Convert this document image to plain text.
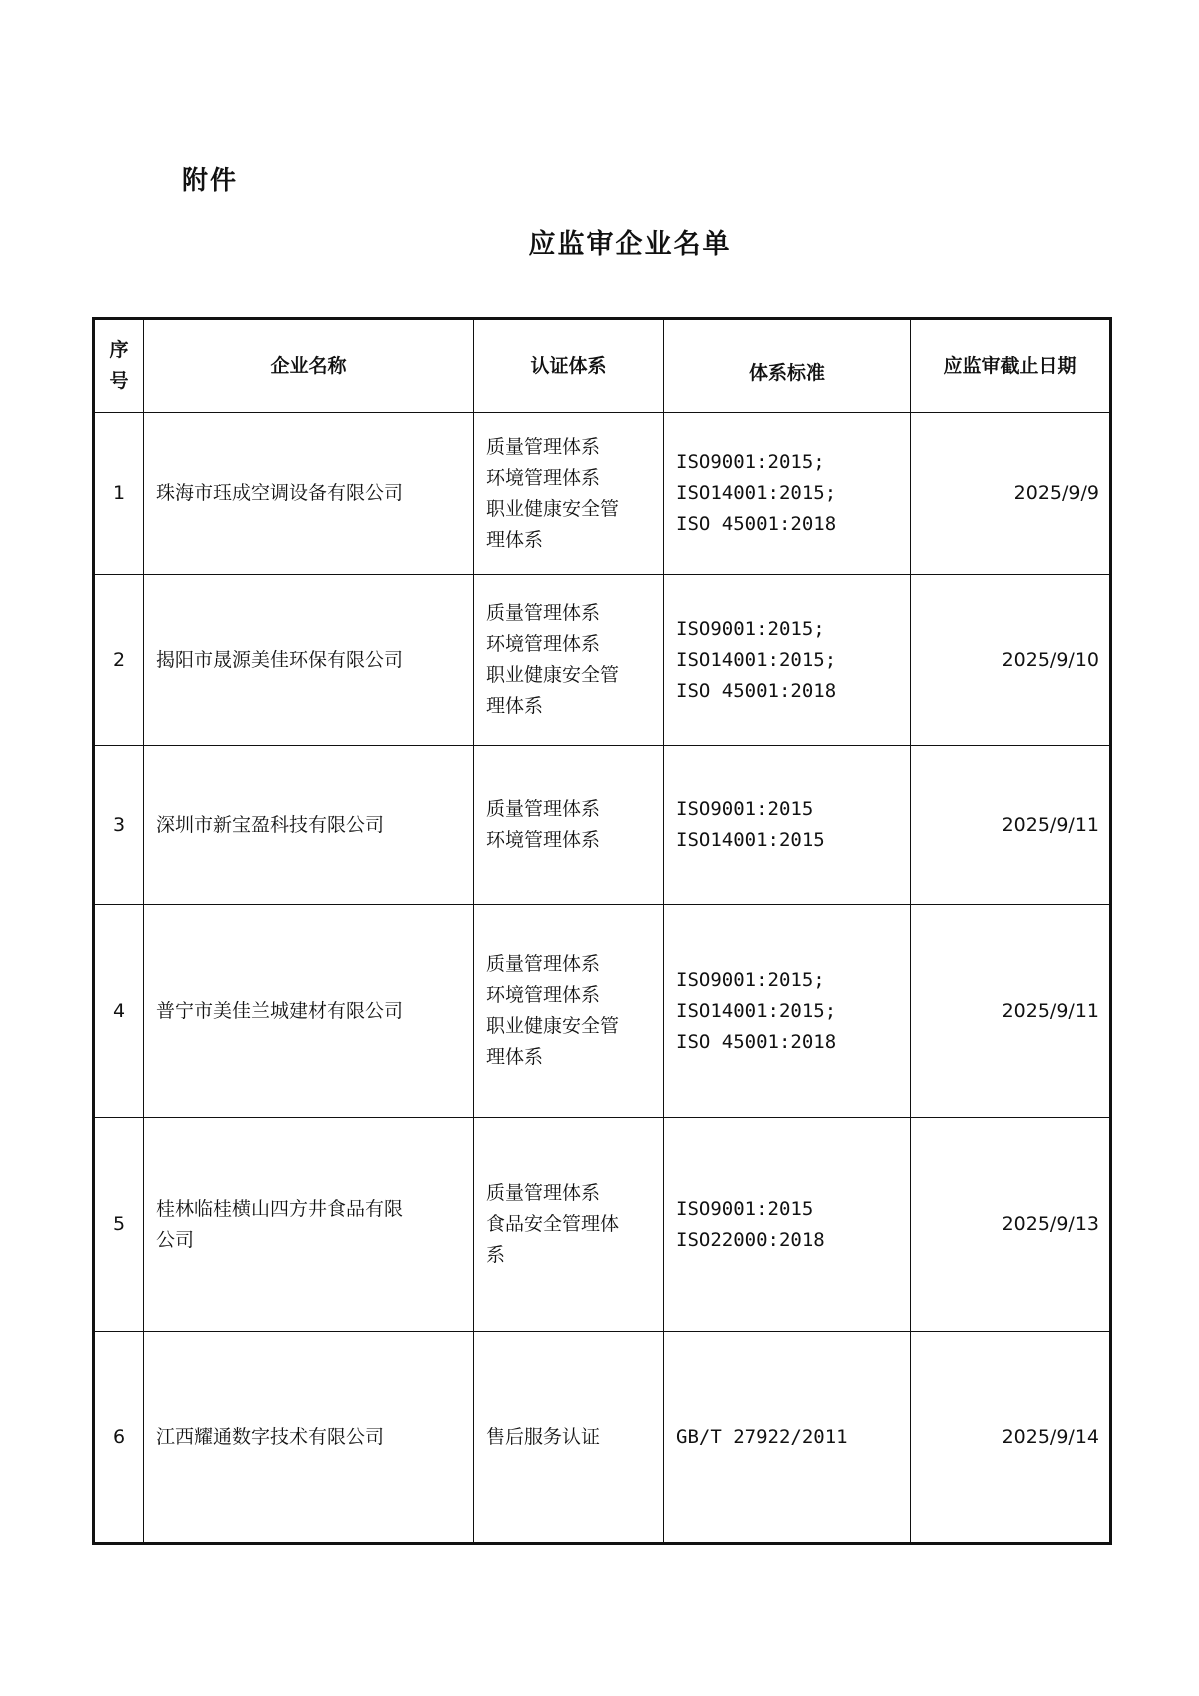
附件
应监审企业名单
序
号	企业名称	认证体系	体系标准	应监审截止日期
1	珠海市珏成空调设备有限公司	质量管理体系
环境管理体系
职业健康安全管
理体系	ISO9001:2015;
ISO14001:2015;
ISO 45001:2018	2025/9/9
2	揭阳市晟源美佳环保有限公司	质量管理体系
环境管理体系
职业健康安全管
理体系	ISO9001:2015;
ISO14001:2015;
ISO 45001:2018	2025/9/10
3	深圳市新宝盈科技有限公司	质量管理体系
环境管理体系	ISO9001:2015
ISO14001:2015	2025/9/11
4	普宁市美佳兰城建材有限公司	质量管理体系
环境管理体系
职业健康安全管
理体系	ISO9001:2015;
ISO14001:2015;
ISO 45001:2018	2025/9/11
5	桂林临桂横山四方井食品有限
公司	质量管理体系
食品安全管理体
系	ISO9001:2015
ISO22000:2018	2025/9/13
6	江西耀通数字技术有限公司	售后服务认证	GB/T 27922/2011	2025/9/14
